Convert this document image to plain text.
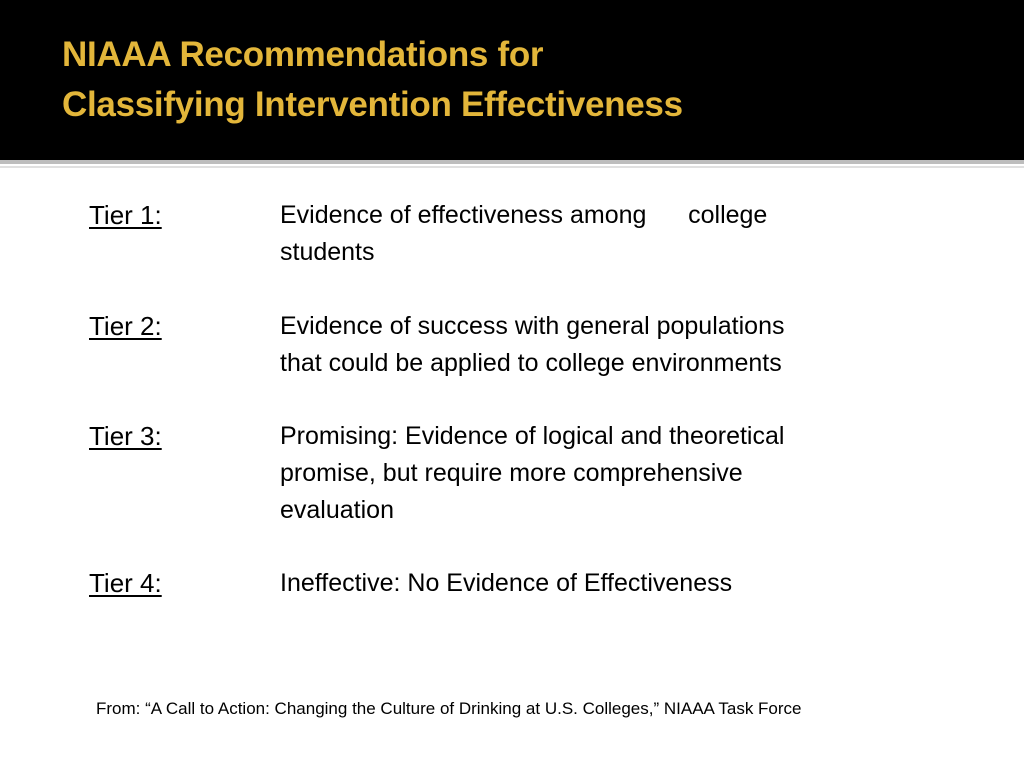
NIAAA Recommendations for
Classifying Intervention Effectiveness
Tier 1:	Evidence of effectiveness among      college
students
Tier 2:	Evidence of success with general populations
that could be applied to college environments
Tier 3:	Promising: Evidence of logical and theoretical
promise, but require more comprehensive
evaluation
Tier 4:	Ineffective: No Evidence of Effectiveness
From: “A Call to Action: Changing the Culture of Drinking at U.S. Colleges,” NIAAA Task Force
